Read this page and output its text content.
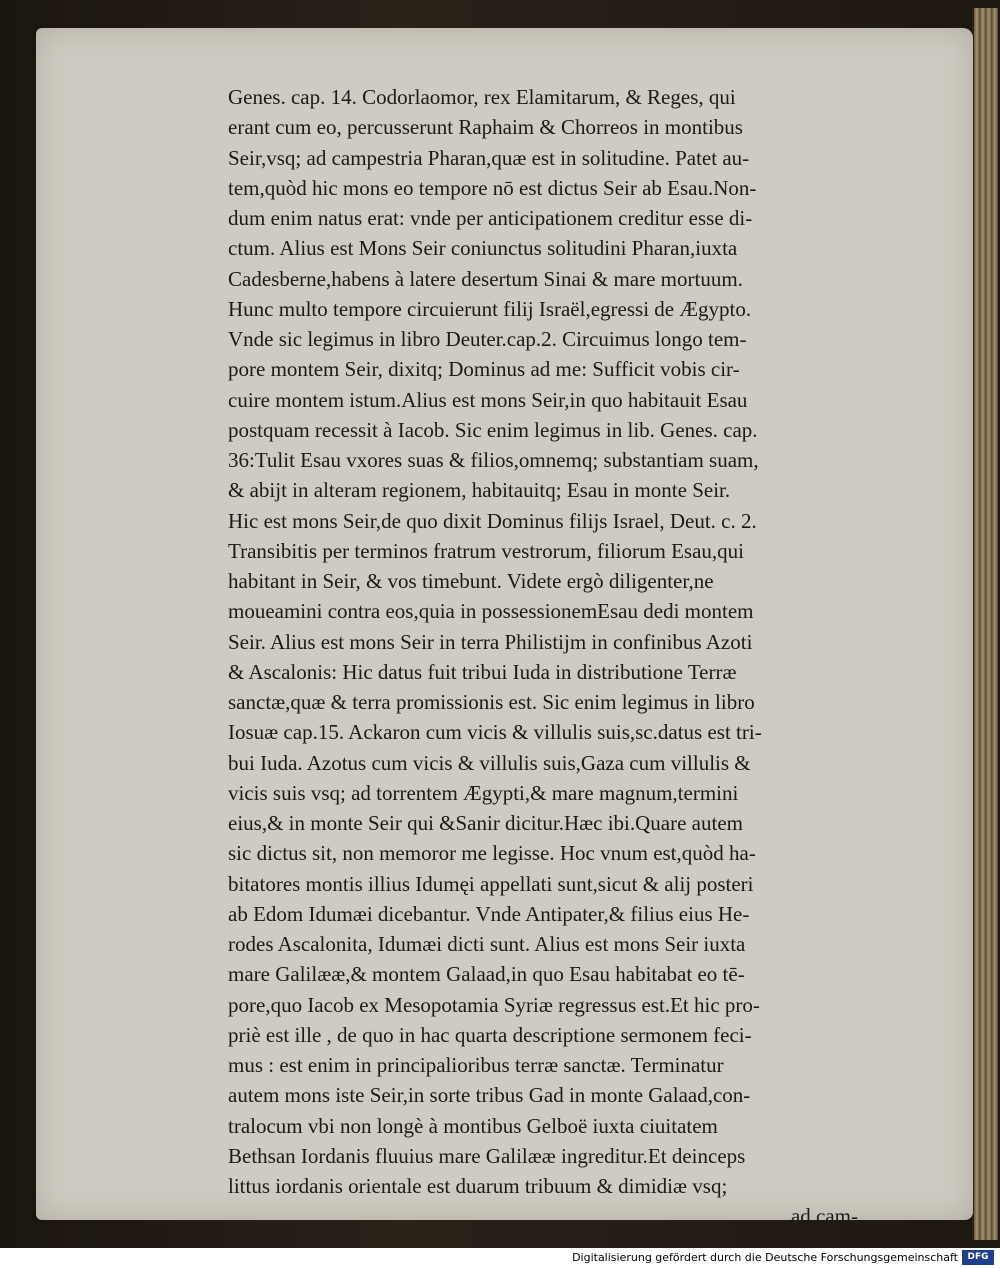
Genes. cap. 14. Codorlaomor, rex Elamitarum, & Reges, qui
erant cum eo, percusserunt Raphaim & Chorreos in montibus
Seir,vsq; ad campestria Pharan,quæ est in solitudine. Patet au-
tem,quòd hic mons eo tempore nō est dictus Seir ab Esau.Non-
dum enim natus erat: vnde per anticipationem creditur esse di-
ctum. Alius est Mons Seir coniunctus solitudini Pharan,iuxta
Cadesberne,habens à latere desertum Sinai & mare mortuum.
Hunc multo tempore circuierunt filij Israël,egressi de Ægypto.
Vnde sic legimus in libro Deuter.cap.2. Circuimus longo tem-
pore montem Seir, dixitq; Dominus ad me: Sufficit vobis cir-
cuire montem istum.Alius est mons Seir,in quo habitauit Esau
postquam recessit à Iacob. Sic enim legimus in lib. Genes. cap.
36:Tulit Esau vxores suas & filios,omnemq; substantiam suam,
& abijt in alteram regionem, habitauitq; Esau in monte Seir.
Hic est mons Seir,de quo dixit Dominus filijs Israel, Deut. c. 2.
Transibitis per terminos fratrum vestrorum, filiorum Esau,qui
habitant in Seir, & vos timebunt. Videte ergò diligenter,ne
moueamini contra eos,quia in possessionemEsau dedi montem
Seir. Alius est mons Seir in terra Philistijm in confinibus Azoti
& Ascalonis: Hic datus fuit tribui Iuda in distributione Terræ
sanctæ,quæ & terra promissionis est. Sic enim legimus in libro
Iosuæ cap.15. Ackaron cum vicis & villulis suis,sc.datus est tri-
bui Iuda. Azotus cum vicis & villulis suis,Gaza cum villulis &
vicis suis vsq; ad torrentem Ægypti,& mare magnum,termini
eius,& in monte Seir qui &Sanir dicitur.Hæc ibi.Quare autem
sic dictus sit, non memoror me legisse. Hoc vnum est,quòd ha-
bitatores montis illius Idumęi appellati sunt,sicut & alij posteri
ab Edom Idumæi dicebantur. Vnde Antipater,& filius eius He-
rodes Ascalonita, Idumæi dicti sunt. Alius est mons Seir iuxta
mare Galilææ,& montem Galaad,in quo Esau habitabat eo tē-
pore,quo Iacob ex Mesopotamia Syriæ regressus est.Et hic pro-
priè est ille , de quo in hac quarta descriptione sermonem feci-
mus : est enim in principalioribus terræ sanctæ. Terminatur
autem mons iste Seir,in sorte tribus Gad in monte Galaad,con-
tralocum vbi non longè à montibus Gelboë iuxta ciuitatem
Bethsan Iordanis fluuius mare Galilææ ingreditur.Et deinceps
littus iordanis orientale est duarum tribuum & dimidiæ vsq;
ad cam-
Digitalisierung gefördert durch die Deutsche Forschungsgemeinschaft	DFG
